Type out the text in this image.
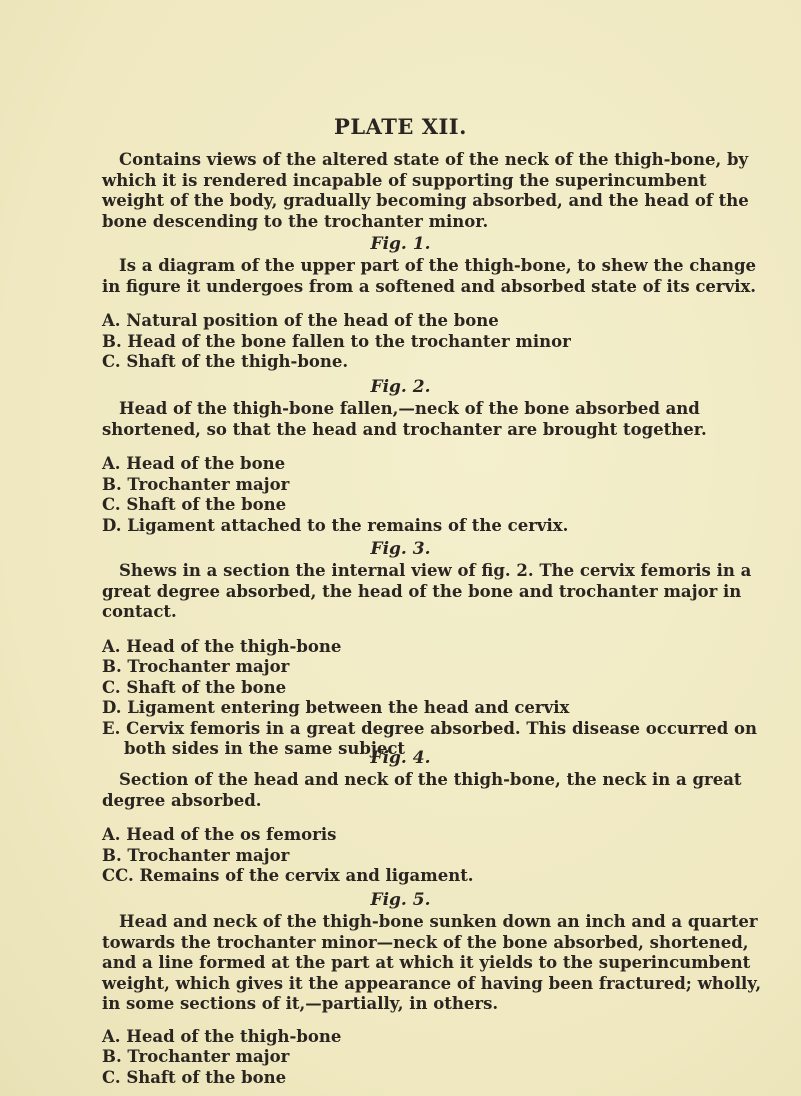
PLATE XII.

Contains views of the altered state of the neck of the thigh-bone, by which it is rendered incapable of supporting the superincumbent weight of the body, gradually becoming absorbed, and the head of the bone descending to the trochanter minor.

Fig. 1.

Is a diagram of the upper part of the thigh-bone, to shew the change in figure it undergoes from a softened and absorbed state of its cervix.

A. Natural position of the head of the bone
B. Head of the bone fallen to the trochanter minor
C. Shaft of the thigh-bone.
Fig. 2.

Head of the thigh-bone fallen,—neck of the bone absorbed and shortened, so that the head and trochanter are brought together.

A. Head of the bone
B. Trochanter major
C. Shaft of the bone
D. Ligament attached to the remains of the cervix.
Fig. 3.

Shews in a section the internal view of fig. 2. The cervix femoris in a great degree absorbed, the head of the bone and trochanter major in contact.

A. Head of the thigh-bone
B. Trochanter major
C. Shaft of the bone
D. Ligament entering between the head and cervix
E. Cervix femoris in a great degree absorbed. This disease occurred on both sides in the same subject
Fig. 4.

Section of the head and neck of the thigh-bone, the neck in a great degree absorbed.

A. Head of the os femoris
B. Trochanter major
CC. Remains of the cervix and ligament.
Fig. 5.

Head and neck of the thigh-bone sunken down an inch and a quarter towards the trochanter minor—neck of the bone absorbed, shortened, and a line formed at the part at which it yields to the superincumbent weight, which gives it the appearance of having been fractured; wholly, in some sections of it,—partially, in others.

A. Head of the thigh-bone
B. Trochanter major
C. Shaft of the bone
